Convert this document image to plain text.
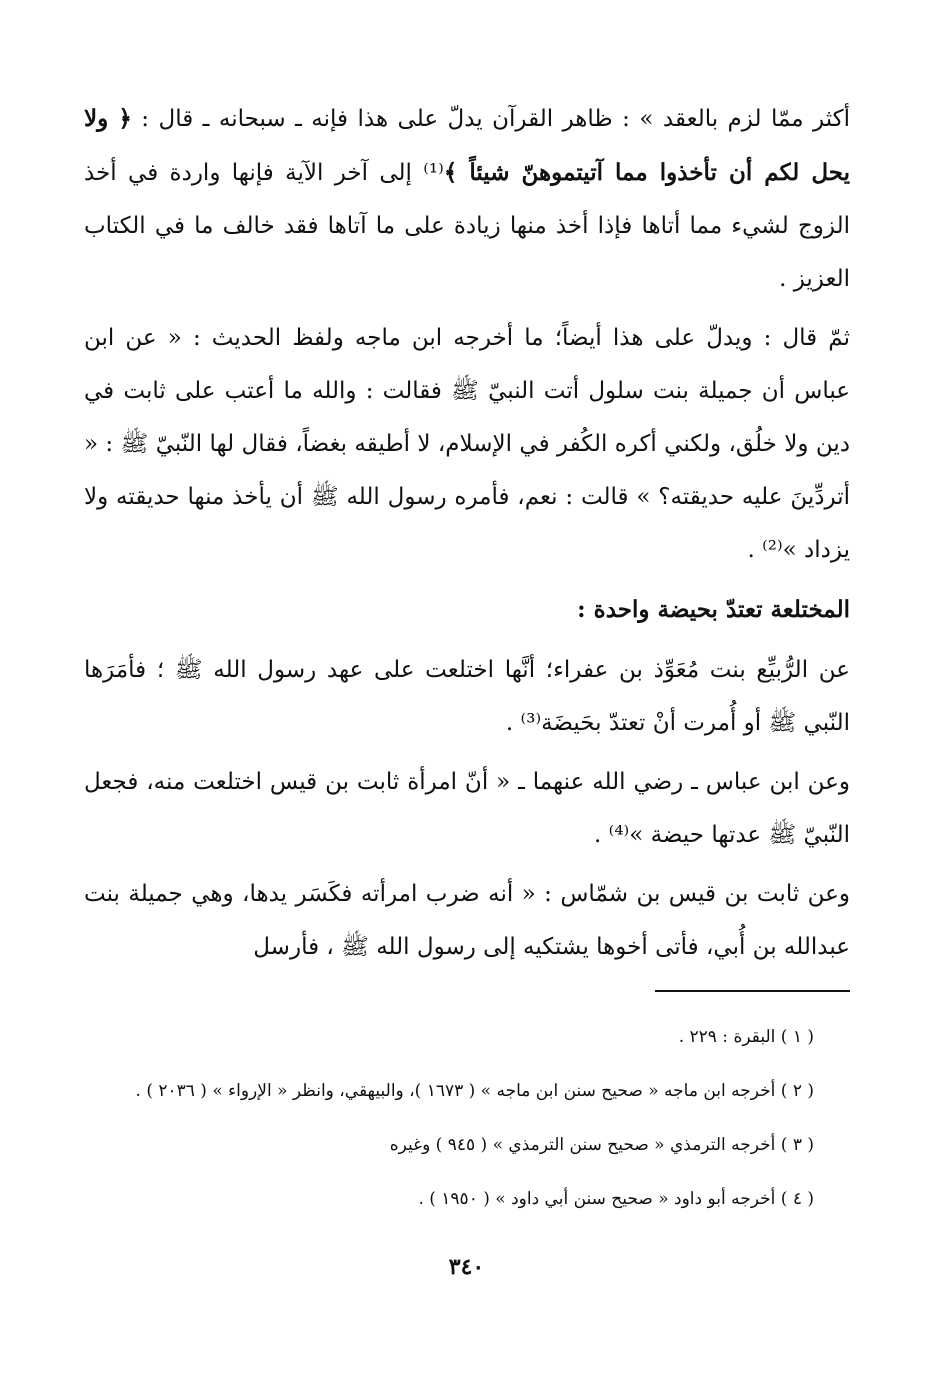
أكثر ممّا لزم بالعقد » : ظاهر القرآن يدلّ على هذا فإنه ـ سبحانه ـ قال : ﴿ ولا يحل لكم أن تأخذوا مما آتيتموهنّ شيئاً ﴾⁽¹⁾ إلى آخر الآية فإنها واردة في أخذ الزوج لشيء مما أتاها فإذا أخذ منها زيادة على ما آتاها فقد خالف ما في الكتاب العزيز .

ثمّ قال : ويدلّ على هذا أيضاً؛ ما أخرجه ابن ماجه ولفظ الحديث : « عن ابن عباس أن جميلة بنت سلول أتت النبيّ ﷺ فقالت : والله ما أعتب على ثابت في دين ولا خلُق، ولكني أكره الكُفر في الإسلام، لا أطيقه بغضاً، فقال لها النّبيّ ﷺ : « أتردِّينَ عليه حديقته؟ » قالت : نعم، فأمره رسول الله ﷺ أن يأخذ منها حديقته ولا يزداد »⁽²⁾ .

المختلعة تعتدّ بحيضة واحدة :

عن الرُّبيِّع بنت مُعَوِّذ بن عفراء؛ أنَّها اختلعت على عهد رسول الله ﷺ ؛ فأمَرَها النّبي ﷺ أو أُمرت أنْ تعتدّ بحَيضَة⁽³⁾ .

وعن ابن عباس ـ رضي الله عنهما ـ « أنّ امرأة ثابت بن قيس اختلعت منه، فجعل النّبيّ ﷺ عدتها حيضة »⁽⁴⁾ .

وعن ثابت بن قيس بن شمّاس : « أنه ضرب امرأته فكَسَر يدها، وهي جميلة بنت عبدالله بن أُبي، فأتى أخوها يشتكيه إلى رسول الله ﷺ ، فأرسل

( ١ ) البقرة : ٢٢٩ .

( ٢ ) أخرجه ابن ماجه « صحيح سنن ابن ماجه » ( ١٦٧٣ )، والبيهقي، وانظر « الإرواء » ( ٢٠٣٦ ) .

( ٣ ) أخرجه الترمذي « صحيح سنن الترمذي » ( ٩٤٥ ) وغيره

( ٤ ) أخرجه أبو داود « صحيح سنن أبي داود » ( ١٩٥٠ ) .

٣٤٠
